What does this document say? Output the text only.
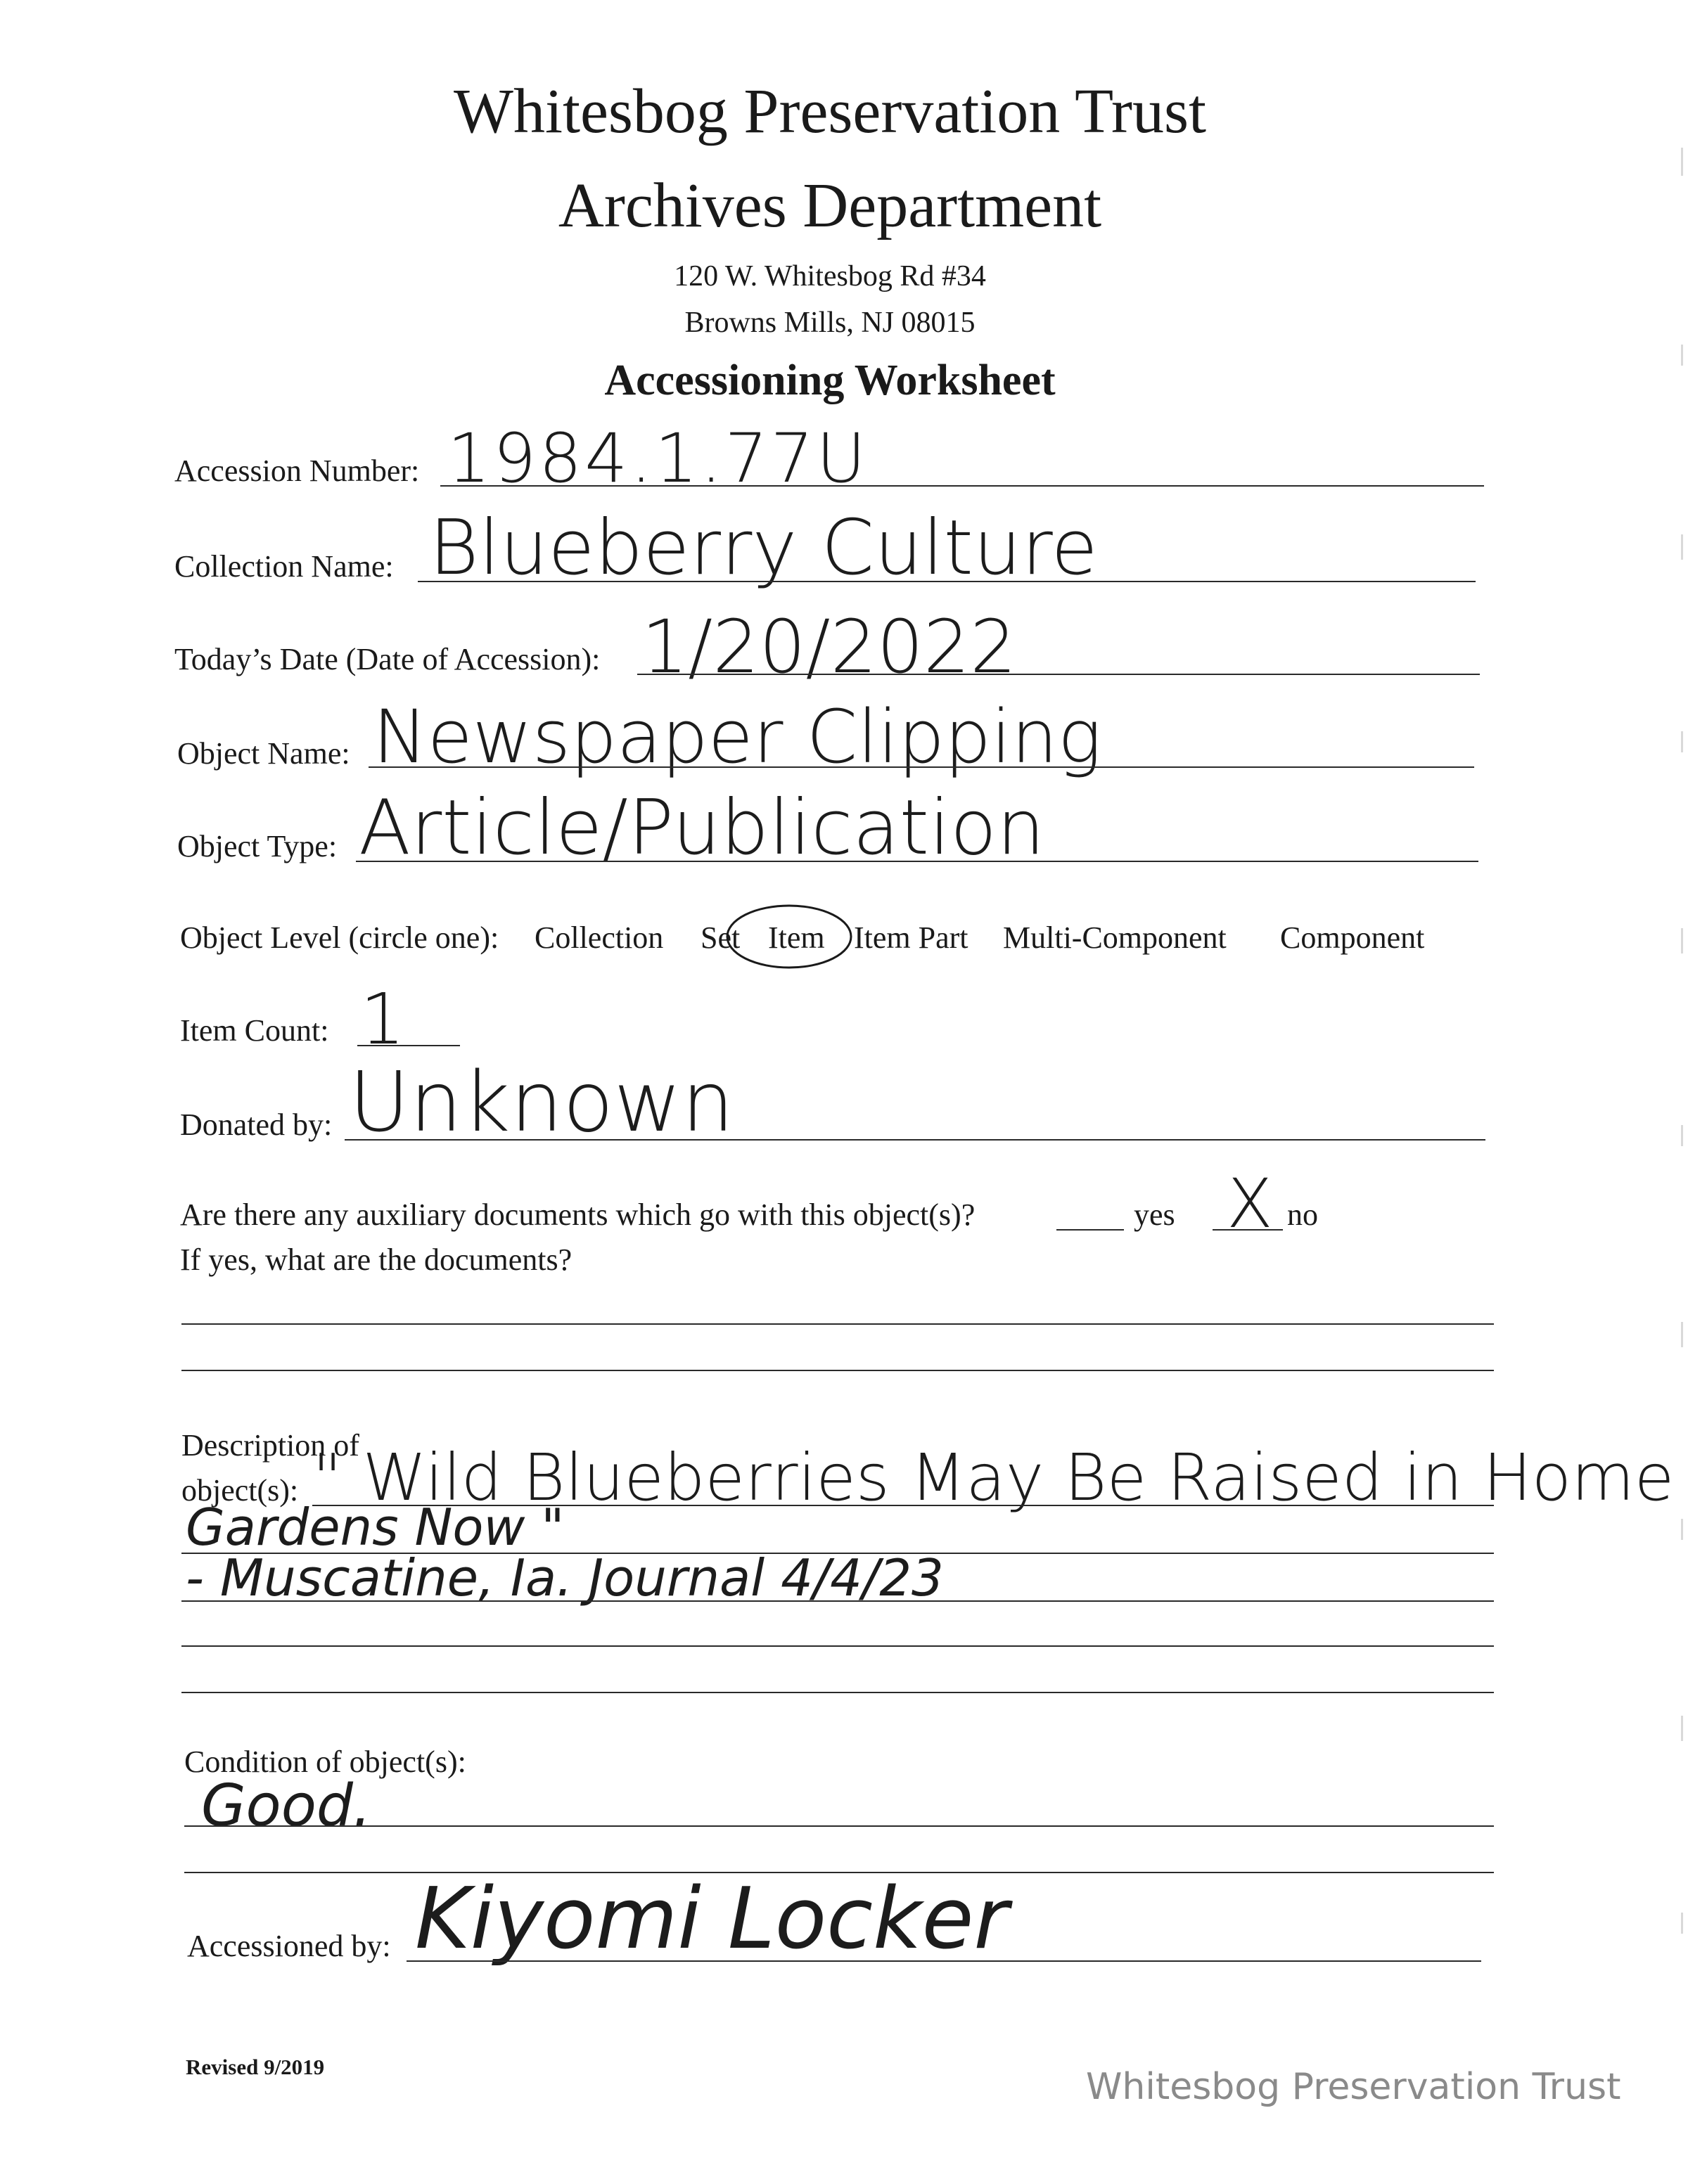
Whitesbog Preservation Trust
Archives Department
120 W. Whitesbog Rd #34
Browns Mills, NJ 08015
Accessioning Worksheet
Accession Number: 1984.1.77U
Collection Name: Blueberry Culture
Today’s Date (Date of Accession): 1/20/2022
Object Name: Newspaper Clipping
Object Type: Article/Publication
Object Level (circle one): Collection Set Item Item Part Multi-Component Component
Item Count: 1
Donated by: Unknown
Are there any auxiliary documents which go with this object(s)?	yes X no
If yes, what are the documents?
Description of
object(s): " Wild Blueberries May Be Raised in Home
Gardens Now "
- Muscatine, Ia. Journal 4/4/23
Condition of object(s):
Good.
Accessioned by: Kiyomi Locker
Revised 9/2019	Whitesbog Preservation Trust
